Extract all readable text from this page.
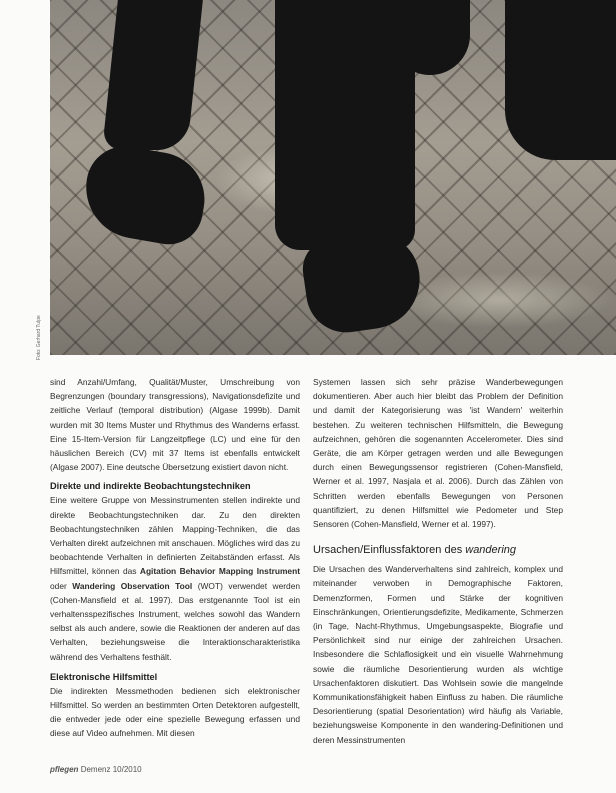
Foto: Gerhard Tulpe

sind Anzahl/Umfang, Qualität/Muster, Umschreibung von Begrenzungen (boundary transgressions), Navigationsdefizite und zeitliche Verlauf (temporal distribution) (Algase 1999b). Damit wurden mit 30 Items Muster und Rhythmus des Wanderns erfasst. Eine 15-Item-Version für Langzeitpflege (LC) und eine für den häuslichen Bereich (CV) mit 37 Items ist ebenfalls entwickelt (Algase 2007). Eine deutsche Übersetzung existiert davon nicht.

Direkte und indirekte Beobachtungstechniken

Eine weitere Gruppe von Messinstrumenten stellen indirekte und direkte Beobachtungstechniken dar. Zu den direkten Beobachtungstechniken zählen Mapping-Techniken, die das Verhalten direkt aufzeichnen mit anschauen. Mögliches wird das zu beobachtende Verhalten in definierten Zeitabständen erfasst. Als Hilfsmittel, können das Agitation Behavior Mapping Instrument oder Wandering Observation Tool (WOT) verwendet werden (Cohen-Mansfield et al. 1997). Das erstgenannte Tool ist ein verhaltensspezifisches Instrument, welches sowohl das Wandern selbst als auch andere, sowie die Reaktionen der anderen auf das Verhalten, beziehungsweise die Interaktionscharakteristika während des Verhaltens festhält.

Elektronische Hilfsmittel

Die indirekten Messmethoden bedienen sich elektronischer Hilfsmittel. So werden an bestimmten Orten Detektoren aufgestellt, die entweder jede oder eine spezielle Bewegung erfassen und diese auf Video aufnehmen. Mit diesen

Systemen lassen sich sehr präzise Wanderbewegungen dokumentieren. Aber auch hier bleibt das Problem der Definition und damit der Kategorisierung was 'ist Wandern' weiterhin bestehen. Zu weiteren technischen Hilfsmitteln, die Bewegung aufzeichnen, gehören die sogenannten Accelerometer. Dies sind Geräte, die am Körper getragen werden und alle Bewegungen durch einen Bewegungssensor registrieren (Cohen-Mansfield, Werner et al. 1997, Nasjala et al. 2006). Durch das Zählen von Schritten werden ebenfalls Bewegungen von Personen quantifiziert, zu denen Hilfsmittel wie Pedometer und Step Sensoren (Cohen-Mansfield, Werner et al. 1997).

Ursachen/Einflussfaktoren des wandering

Die Ursachen des Wanderverhaltens sind zahlreich, komplex und miteinander verwoben in Demographische Faktoren, Demenzformen, Formen und Stärke der kognitiven Einschränkungen, Orientierungsdefizite, Medikamente, Schmerzen (in Tage, Nacht-Rhythmus, Umgebungsaspekte, Biografie und Persönlichkeit sind nur einige der zahlreichen Ursachen. Insbesondere die Schlaflosigkeit und ein visuelle Wahrnehmung sowie die räumliche Desorientierung wurden als wichtige Ursachenfaktoren diskutiert. Das Wohlsein sowie die mangelnde Kommunikationsfähigkeit haben Einfluss zu haben. Die räumliche Desorientierung (spatial Desorientation) wird häufig als Variable, beziehungsweise Komponente in den wandering-Definitionen und deren Messinstrumenten

pflegen Demenz 10/2010
